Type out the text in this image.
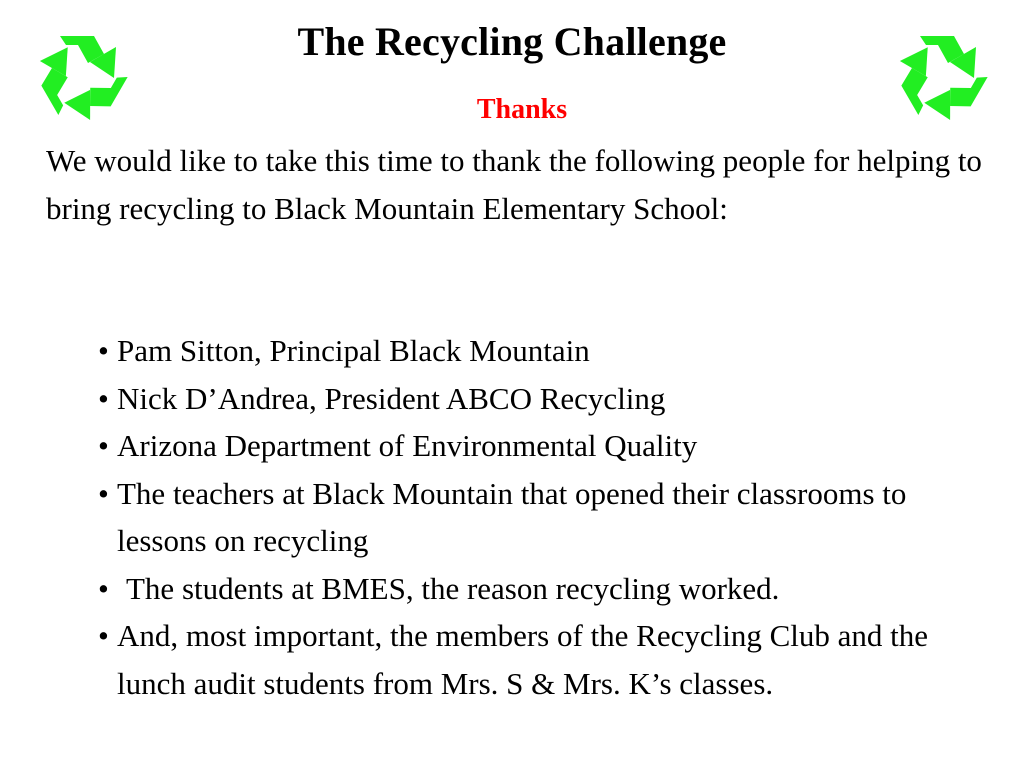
The Recycling Challenge
Thanks

We would like to take this time to thank the following people for helping to bring recycling to Black Mountain Elementary School:

• Pam Sitton, Principal Black Mountain
• Nick D’Andrea, President ABCO Recycling
• Arizona Department of Environmental Quality
• The teachers at Black Mountain that opened their classrooms to lessons on recycling
• The students at BMES, the reason recycling worked.
• And, most important, the members of the Recycling Club and the lunch audit students from Mrs. S & Mrs. K’s classes.
